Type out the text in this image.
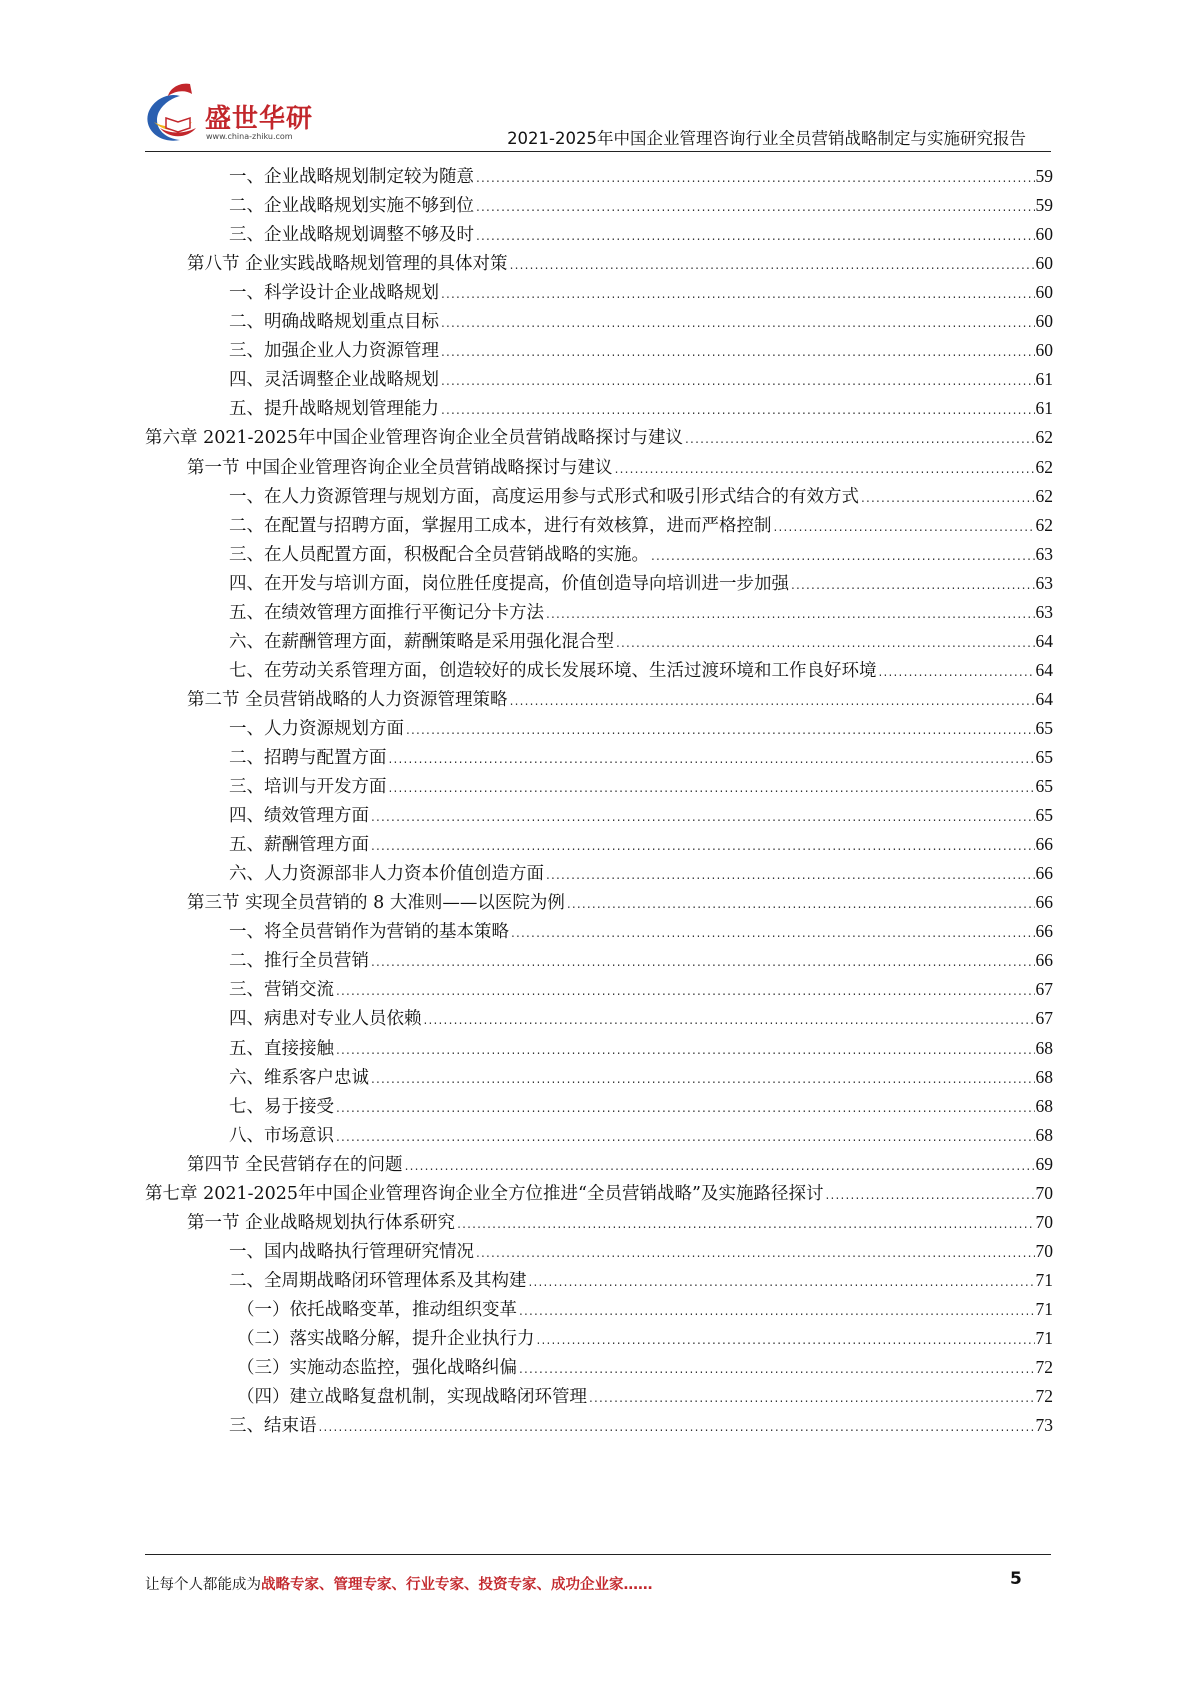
盛世华研
www.china-zhiku.com	2021-2025年中国企业管理咨询行业全员营销战略制定与实施研究报告
一、企业战略规划制定较为随意 .....	59
二、企业战略规划实施不够到位 .....	59
三、企业战略规划调整不够及时 .....	60
第八节 企业实践战略规划管理的具体对策 .....	60
一、科学设计企业战略规划 .....	60
二、明确战略规划重点目标 .....	60
三、加强企业人力资源管理 .....	60
四、灵活调整企业战略规划 .....	61
五、提升战略规划管理能力 .....	61
第六章 2021-2025年中国企业管理咨询企业全员营销战略探讨与建议 .....	62
第一节 中国企业管理咨询企业全员营销战略探讨与建议 .....	62
一、在人力资源管理与规划方面，高度运用参与式形式和吸引形式结合的有效方式 .....	62
二、在配置与招聘方面，掌握用工成本，进行有效核算，进而严格控制 .....	62
三、在人员配置方面，积极配合全员营销战略的实施。 .....	63
四、在开发与培训方面，岗位胜任度提高，价值创造导向培训进一步加强 .....	63
五、在绩效管理方面推行平衡记分卡方法 .....	63
六、在薪酬管理方面，薪酬策略是采用强化混合型 .....	64
七、在劳动关系管理方面，创造较好的成长发展环境、生活过渡环境和工作良好环境 .....	64
第二节 全员营销战略的人力资源管理策略 .....	64
一、人力资源规划方面 .....	65
二、招聘与配置方面 .....	65
三、培训与开发方面 .....	65
四、绩效管理方面 .....	65
五、薪酬管理方面 .....	66
六、人力资源部非人力资本价值创造方面 .....	66
第三节 实现全员营销的 8 大准则——以医院为例 .....	66
一、将全员营销作为营销的基本策略 .....	66
二、推行全员营销 .....	66
三、营销交流 .....	67
四、病患对专业人员依赖 .....	67
五、直接接触 .....	68
六、维系客户忠诚 .....	68
七、易于接受 .....	68
八、市场意识 .....	68
第四节 全民营销存在的问题 .....	69
第七章 2021-2025年中国企业管理咨询企业全方位推进“全员营销战略”及实施路径探讨 .....	70
第一节 企业战略规划执行体系研究 .....	70
一、国内战略执行管理研究情况 .....	70
二、全周期战略闭环管理体系及其构建 .....	71
（一）依托战略变革，推动组织变革 .....	71
（二）落实战略分解，提升企业执行力 .....	71
（三）实施动态监控，强化战略纠偏 .....	72
（四）建立战略复盘机制，实现战略闭环管理 .....	72
三、结束语 .....	73
让每个人都能成为战略专家、管理专家、行业专家、投资专家、成功企业家……	5
